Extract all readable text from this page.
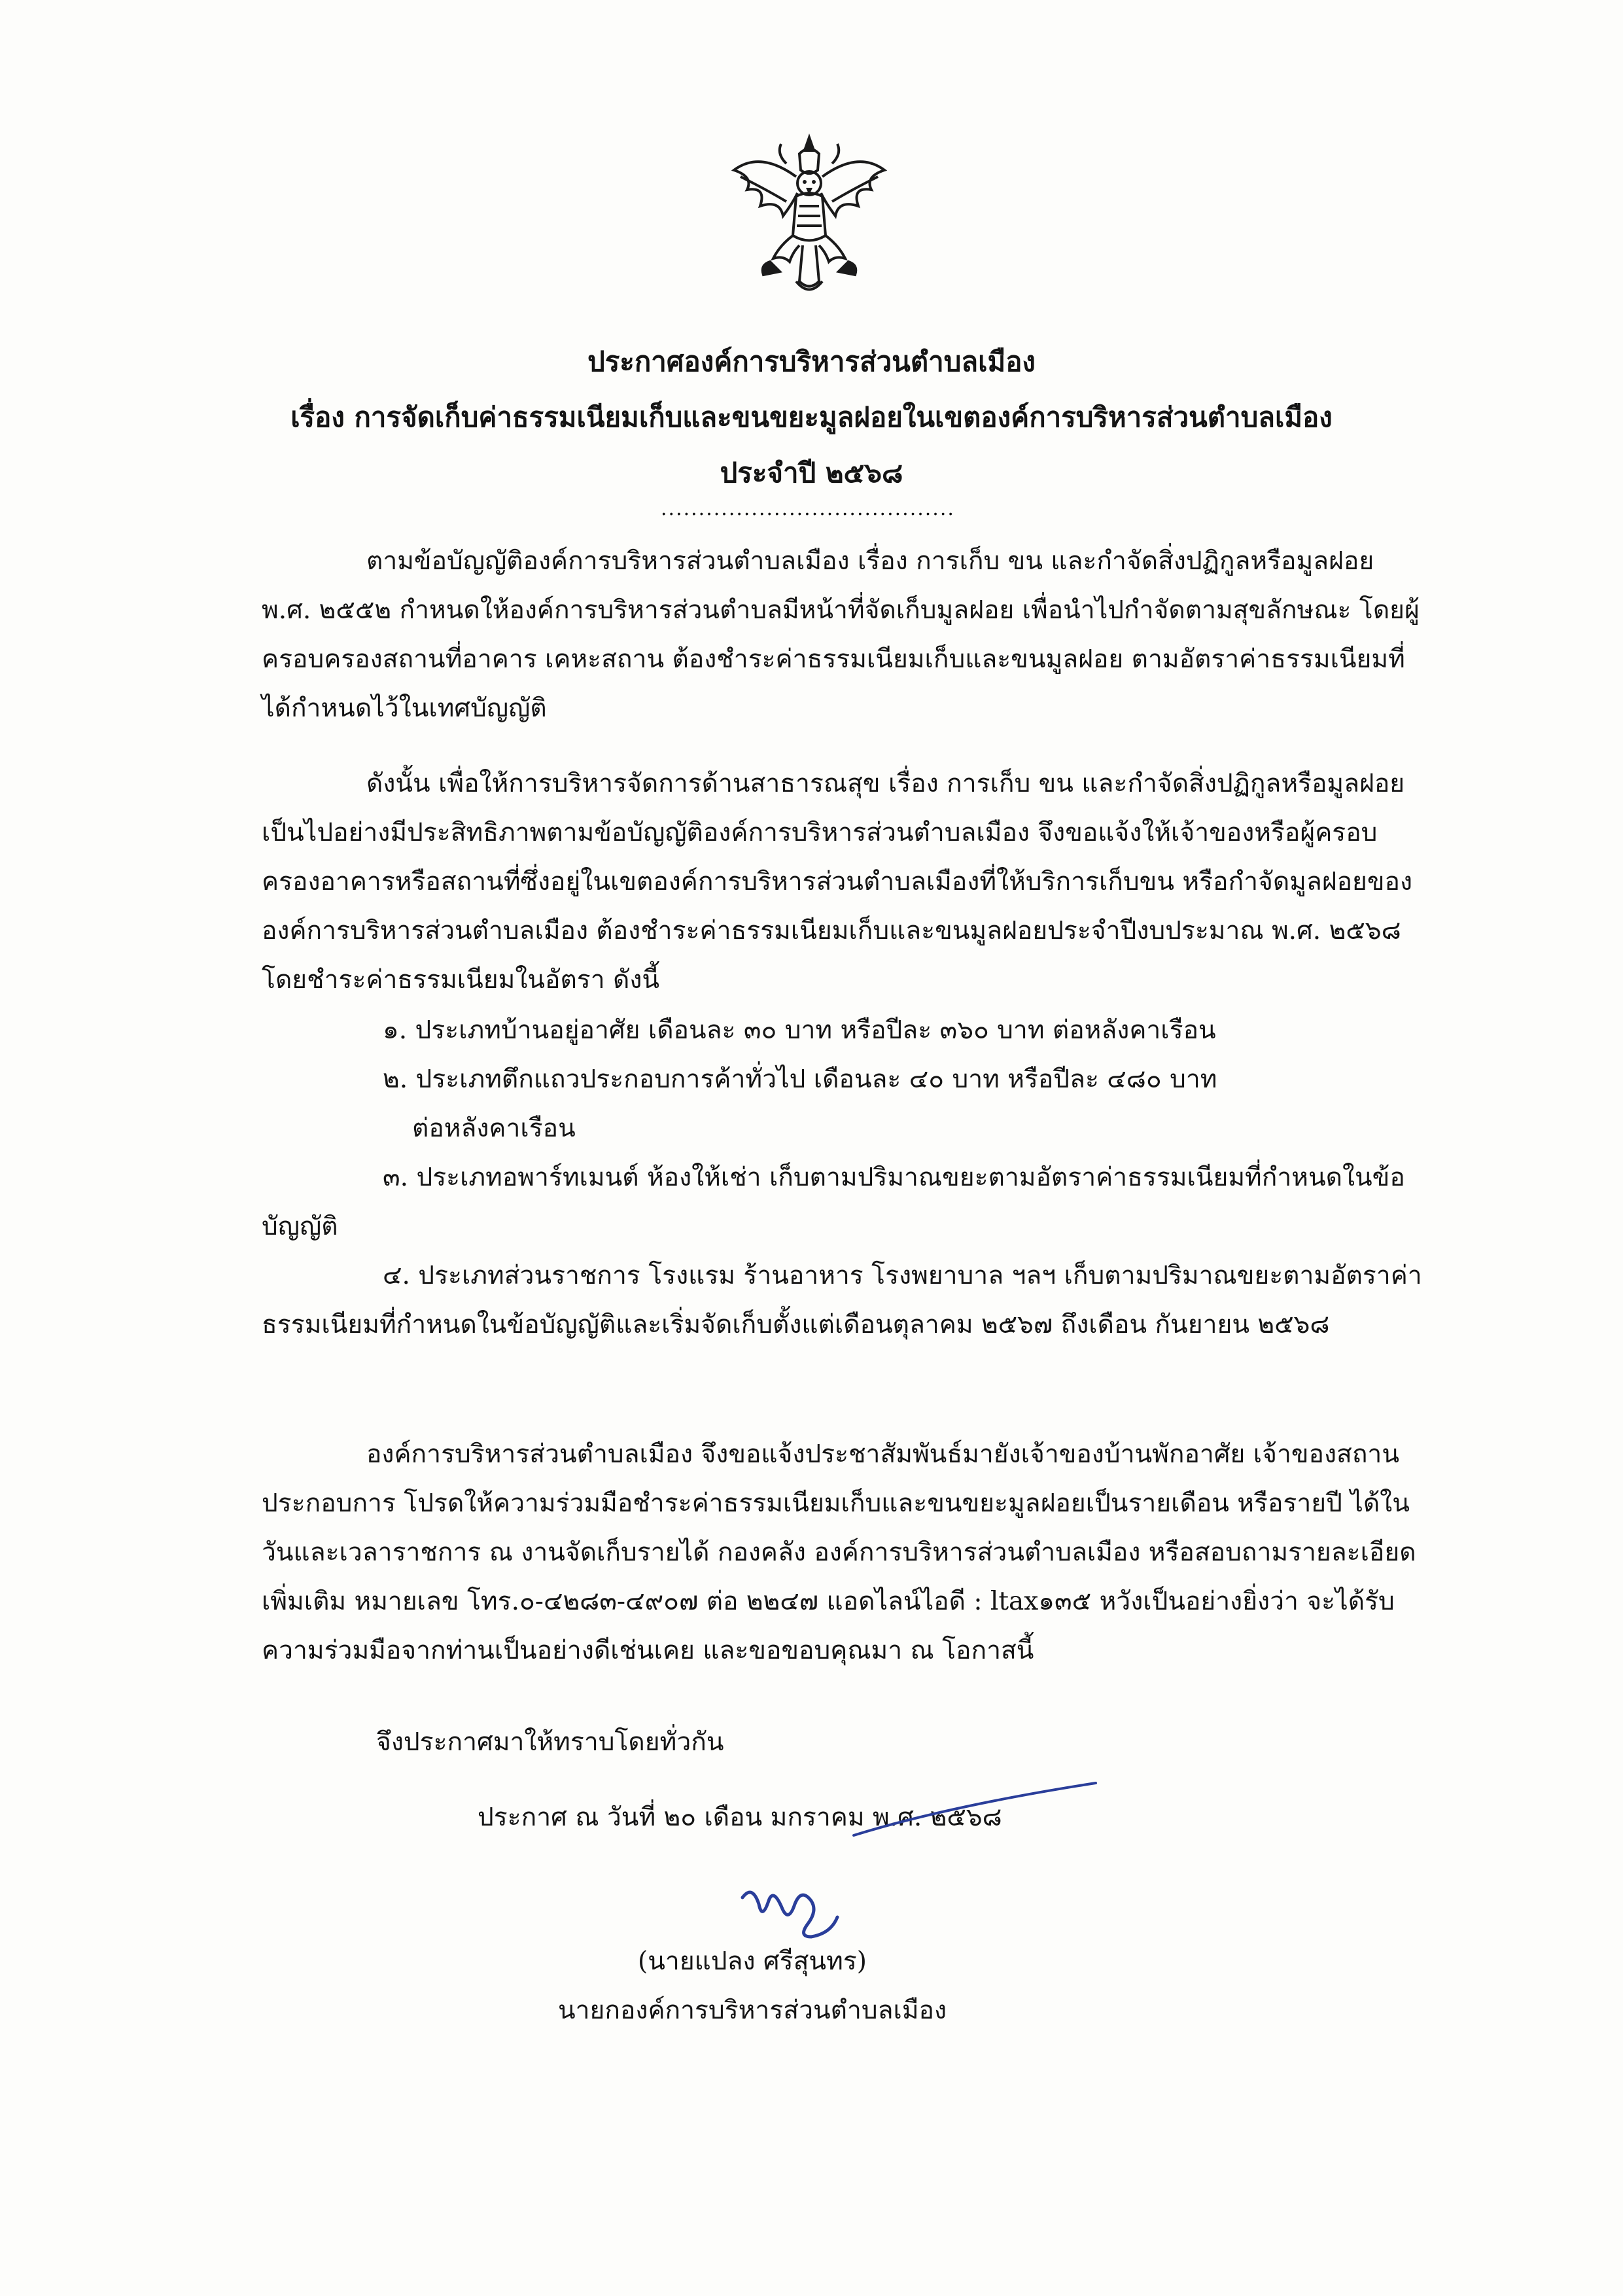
ประกาศองค์การบริหารส่วนตำบลเมือง
เรื่อง การจัดเก็บค่าธรรมเนียมเก็บและขนขยะมูลฝอยในเขตองค์การบริหารส่วนตำบลเมือง
ประจำปี ๒๕๖๘
.......................................

ตามข้อบัญญัติองค์การบริหารส่วนตำบลเมือง เรื่อง การเก็บ ขน และกำจัดสิ่งปฏิกูลหรือมูลฝอย พ.ศ. ๒๕๕๒ กำหนดให้องค์การบริหารส่วนตำบลมีหน้าที่จัดเก็บมูลฝอย เพื่อนำไปกำจัดตามสุขลักษณะ โดยผู้ครอบครองสถานที่อาคาร เคหะสถาน ต้องชำระค่าธรรมเนียมเก็บและขนมูลฝอย ตามอัตราค่าธรรมเนียมที่ได้กำหนดไว้ในเทศบัญญัติ

ดังนั้น เพื่อให้การบริหารจัดการด้านสาธารณสุข เรื่อง การเก็บ ขน และกำจัดสิ่งปฏิกูลหรือมูลฝอย เป็นไปอย่างมีประสิทธิภาพตามข้อบัญญัติองค์การบริหารส่วนตำบลเมือง จึงขอแจ้งให้เจ้าของหรือผู้ครอบครองอาคารหรือสถานที่ซึ่งอยู่ในเขตองค์การบริหารส่วนตำบลเมืองที่ให้บริการเก็บขน หรือกำจัดมูลฝอยขององค์การบริหารส่วนตำบลเมือง ต้องชำระค่าธรรมเนียมเก็บและขนมูลฝอยประจำปีงบประมาณ พ.ศ. ๒๕๖๘ โดยชำระค่าธรรมเนียมในอัตรา ดังนี้

๑. ประเภทบ้านอยู่อาศัย เดือนละ ๓๐ บาท หรือปีละ ๓๖๐ บาท ต่อหลังคาเรือน

๒. ประเภทตึกแถวประกอบการค้าทั่วไป เดือนละ ๔๐ บาท หรือปีละ ๔๘๐ บาท

ต่อหลังคาเรือน

๓. ประเภทอพาร์ทเมนต์ ห้องให้เช่า เก็บตามปริมาณขยะตามอัตราค่าธรรมเนียมที่กำหนดในข้อบัญญัติ

๔. ประเภทส่วนราชการ โรงแรม ร้านอาหาร โรงพยาบาล ฯลฯ เก็บตามปริมาณขยะตามอัตราค่าธรรมเนียมที่กำหนดในข้อบัญญัติและเริ่มจัดเก็บตั้งแต่เดือนตุลาคม ๒๕๖๗ ถึงเดือน กันยายน ๒๕๖๘

องค์การบริหารส่วนตำบลเมือง จึงขอแจ้งประชาสัมพันธ์มายังเจ้าของบ้านพักอาศัย เจ้าของสถานประกอบการ โปรดให้ความร่วมมือชำระค่าธรรมเนียมเก็บและขนขยะมูลฝอยเป็นรายเดือน หรือรายปี ได้ในวันและเวลาราชการ ณ งานจัดเก็บรายได้ กองคลัง องค์การบริหารส่วนตำบลเมือง หรือสอบถามรายละเอียดเพิ่มเติม หมายเลข โทร.๐-๔๒๘๓-๔๙๐๗ ต่อ ๒๒๔๗ แอดไลน์ไอดี : ltax๑๓๕ หวังเป็นอย่างยิ่งว่า จะได้รับความร่วมมือจากท่านเป็นอย่างดีเช่นเคย และขอขอบคุณมา ณ โอกาสนี้

จึงประกาศมาให้ทราบโดยทั่วกัน
ประกาศ ณ วันที่ ๒๐ เดือน มกราคม พ.ศ. ๒๕๖๘
(นายแปลง ศรีสุนทร)
นายกองค์การบริหารส่วนตำบลเมือง
